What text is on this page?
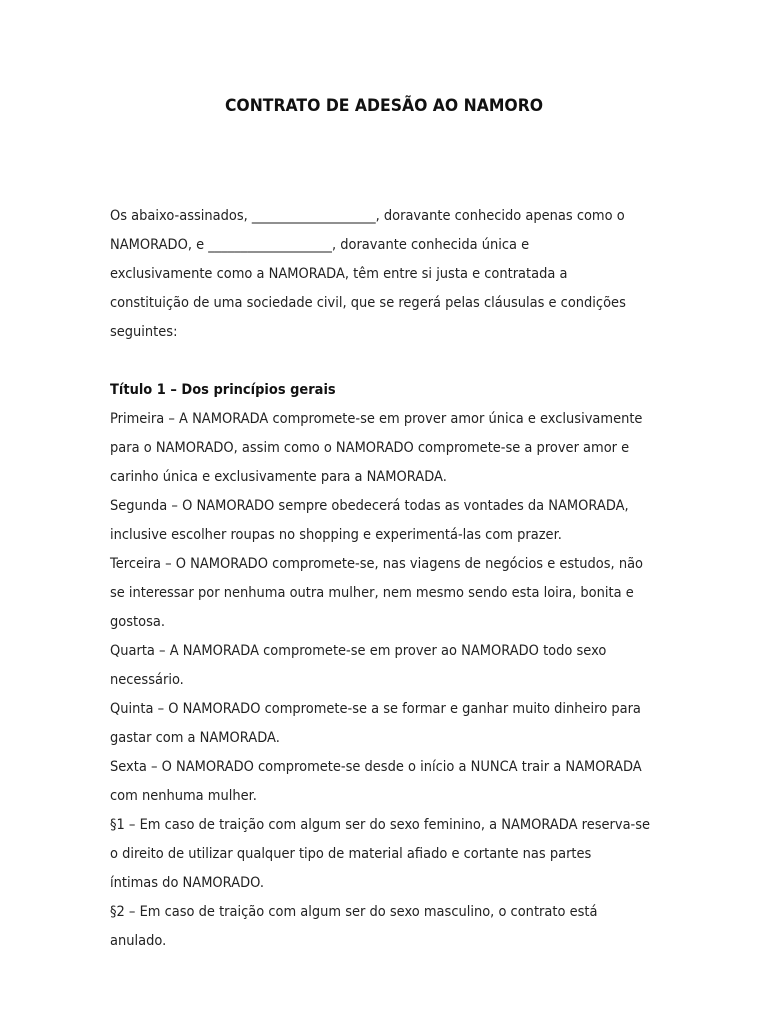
CONTRATO DE ADESÃO AO NAMORO
Os abaixo-assinados, ___________________, doravante conhecido apenas como o
NAMORADO, e ___________________, doravante conhecida única e
exclusivamente como a NAMORADA, têm entre si justa e contratada a
constituição de uma sociedade civil, que se regerá pelas cláusulas e condições
seguintes:
Título 1 – Dos princípios gerais
Primeira – A NAMORADA compromete-se em prover amor única e exclusivamente
para o NAMORADO, assim como o NAMORADO compromete-se a prover amor e
carinho única e exclusivamente para a NAMORADA.
Segunda – O NAMORADO sempre obedecerá todas as vontades da NAMORADA,
inclusive escolher roupas no shopping e experimentá-las com prazer.
Terceira – O NAMORADO compromete-se, nas viagens de negócios e estudos, não
se interessar por nenhuma outra mulher, nem mesmo sendo esta loira, bonita e
gostosa.
Quarta – A NAMORADA compromete-se em prover ao NAMORADO todo sexo
necessário.
Quinta – O NAMORADO compromete-se a se formar e ganhar muito dinheiro para
gastar com a NAMORADA.
Sexta – O NAMORADO compromete-se desde o início a NUNCA trair a NAMORADA
com nenhuma mulher.
§1 – Em caso de traição com algum ser do sexo feminino, a NAMORADA reserva-se
o direito de utilizar qualquer tipo de material afiado e cortante nas partes
íntimas do NAMORADO.
§2 – Em caso de traição com algum ser do sexo masculino, o contrato está
anulado.
